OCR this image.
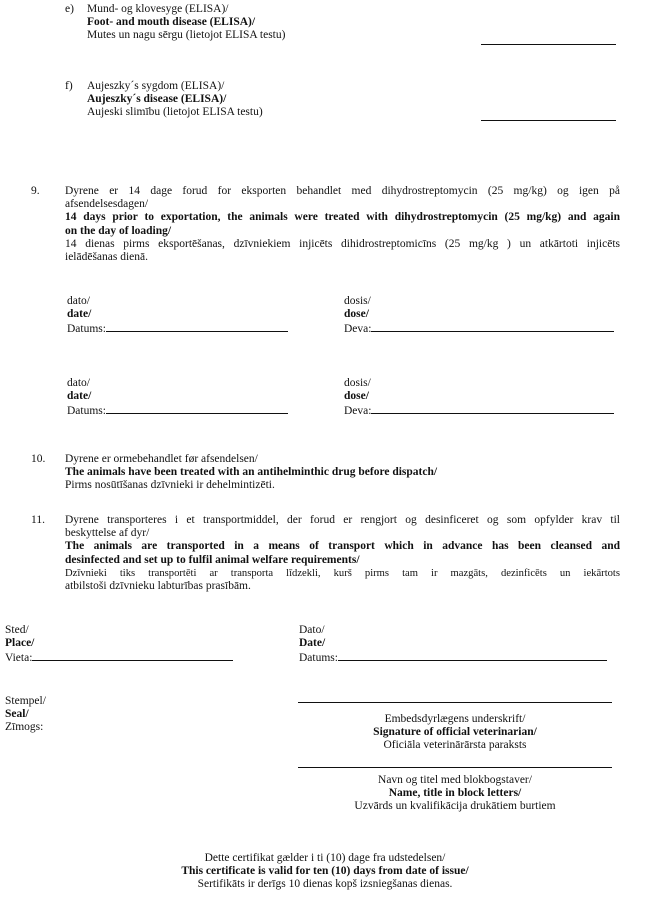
e) Mund- og klovesyge (ELISA)/
Foot- and mouth disease (ELISA)/
Mutes un nagu sērgu (lietojot ELISA testu)
f) Aujeszky´s sygdom (ELISA)/
Aujeszky´s disease (ELISA)/
Aujeski slimību (lietojot ELISA testu)
9. Dyrene er 14 dage forud for eksporten behandlet med dihydrostreptomycin (25 mg/kg) og igen på
afsendelsesdagen/
14 days prior to exportation, the animals were treated with dihydrostreptomycin (25 mg/kg) and again
on the day of loading/
14 dienas pirms eksportēšanas, dzīvniekiem injicēts dihidrostreptomicīns (25 mg/kg ) un atkārtoti injicēts
ielādēšanas dienā.
dato/
date/
Datums:
dosis/
dose/
Deva:
dato/
date/
Datums:
dosis/
dose/
Deva:
10. Dyrene er ormebehandlet før afsendelsen/
The animals have been treated with an antihelminthic drug before dispatch/
Pirms nosūtīšanas dzīvnieki ir dehelmintizēti.
11. Dyrene transporteres i et transportmiddel, der forud er rengjort og desinficeret og som opfylder krav til
beskyttelse af dyr/
The animals are transported in a means of transport which in advance has been cleansed and
desinfected and set up to fulfil animal welfare requirements/
Dzīvnieki tiks transportēti ar transporta līdzekli, kurš pirms tam ir mazgāts, dezinficēts un iekārtots
atbilstoši dzīvnieku labturības prasībām.
Sted/
Place/
Vieta:
Dato/
Date/
Datums:
Stempel/
Seal/
Zīmogs:
Embedsdyrlægens underskrift/
Signature of official veterinarian/
Oficiāla veterinārārsta paraksts
Navn og titel med blokbogstaver/
Name, title in block letters/
Uzvārds un kvalifikācija drukātiem burtiem
Dette certifikat gælder i ti (10) dage fra udstedelsen/
This certificate is valid for ten (10) days from date of issue/
Sertifikāts ir derīgs 10 dienas kopš izsniegšanas dienas.
